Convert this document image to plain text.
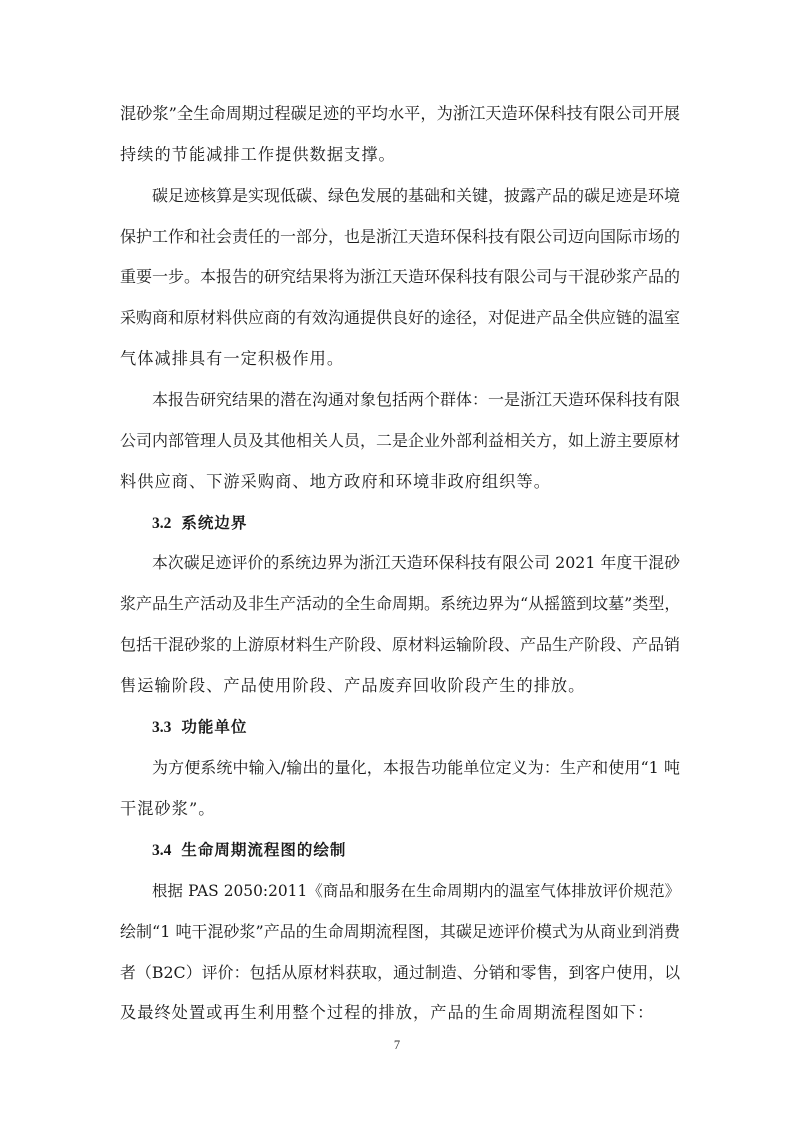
混砂浆”全生命周期过程碳足迹的平均水平，为浙江天造环保科技有限公司开展
持续的节能减排工作提供数据支撑。
碳足迹核算是实现低碳、绿色发展的基础和关键，披露产品的碳足迹是环境
保护工作和社会责任的一部分，也是浙江天造环保科技有限公司迈向国际市场的
重要一步。本报告的研究结果将为浙江天造环保科技有限公司与干混砂浆产品的
采购商和原材料供应商的有效沟通提供良好的途径，对促进产品全供应链的温室
气体减排具有一定积极作用。
本报告研究结果的潜在沟通对象包括两个群体：一是浙江天造环保科技有限
公司内部管理人员及其他相关人员，二是企业外部利益相关方，如上游主要原材
料供应商、下游采购商、地方政府和环境非政府组织等。
3.2 系统边界
本次碳足迹评价的系统边界为浙江天造环保科技有限公司 2021 年度干混砂
浆产品生产活动及非生产活动的全生命周期。系统边界为“从摇篮到坟墓”类型，
包括干混砂浆的上游原材料生产阶段、原材料运输阶段、产品生产阶段、产品销
售运输阶段、产品使用阶段、产品废弃回收阶段产生的排放。
3.3 功能单位
为方便系统中输入/输出的量化，本报告功能单位定义为：生产和使用“1 吨
干混砂浆”。
3.4 生命周期流程图的绘制
根据 PAS 2050:2011《商品和服务在生命周期内的温室气体排放评价规范》
绘制“1 吨干混砂浆”产品的生命周期流程图，其碳足迹评价模式为从商业到消费
者（B2C）评价：包括从原材料获取，通过制造、分销和零售，到客户使用，以
及最终处置或再生利用整个过程的排放，产品的生命周期流程图如下：
7
